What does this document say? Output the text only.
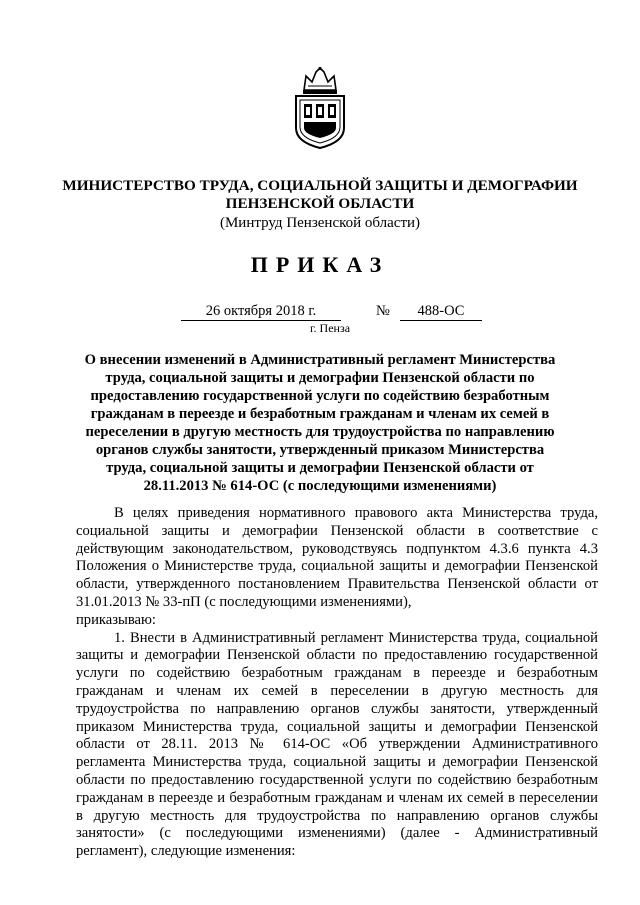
МИНИСТЕРСТВО ТРУДА, СОЦИАЛЬНОЙ ЗАЩИТЫ И ДЕМОГРАФИИ ПЕНЗЕНСКОЙ ОБЛАСТИ
(Минтруд Пензенской области)
ПРИКАЗ
26 октября 2018 г.	№	488-ОС
г. Пенза
О внесении изменений в Административный регламент Министерства труда, социальной защиты и демографии Пензенской области по предоставлению государственной услуги по содействию безработным гражданам в переезде и безработным гражданам и членам их семей в переселении в другую местность для трудоустройства по направлению органов службы занятости, утвержденный приказом Министерства труда, социальной защиты и демографии Пензенской области от 28.11.2013 № 614-ОС (с последующими изменениями)

В целях приведения нормативного правового акта Министерства труда, социальной защиты и демографии Пензенской области в соответствие с действующим законодательством, руководствуясь подпунктом 4.3.6 пункта 4.3 Положения о Министерстве труда, социальной защиты и демографии Пензенской области, утвержденного постановлением Правительства Пензенской области от 31.01.2013 № 33-пП (с последующими изменениями),

приказываю:

1. Внести в Административный регламент Министерства труда, социальной защиты и демографии Пензенской области по предоставлению государственной услуги по содействию безработным гражданам в переезде и безработным гражданам и членам их семей в переселении в другую местность для трудоустройства по направлению органов службы занятости, утвержденный приказом Министерства труда, социальной защиты и демографии Пензенской области от 28.11. 2013 № 614-ОС «Об утверждении Административного регламента Министерства труда, социальной защиты и демографии Пензенской области по предоставлению государственной услуги по содействию безработным гражданам в переезде и безработным гражданам и членам их семей в переселении в другую местность для трудоустройства по направлению органов службы занятости» (с последующими изменениями) (далее - Административный регламент), следующие изменения:
